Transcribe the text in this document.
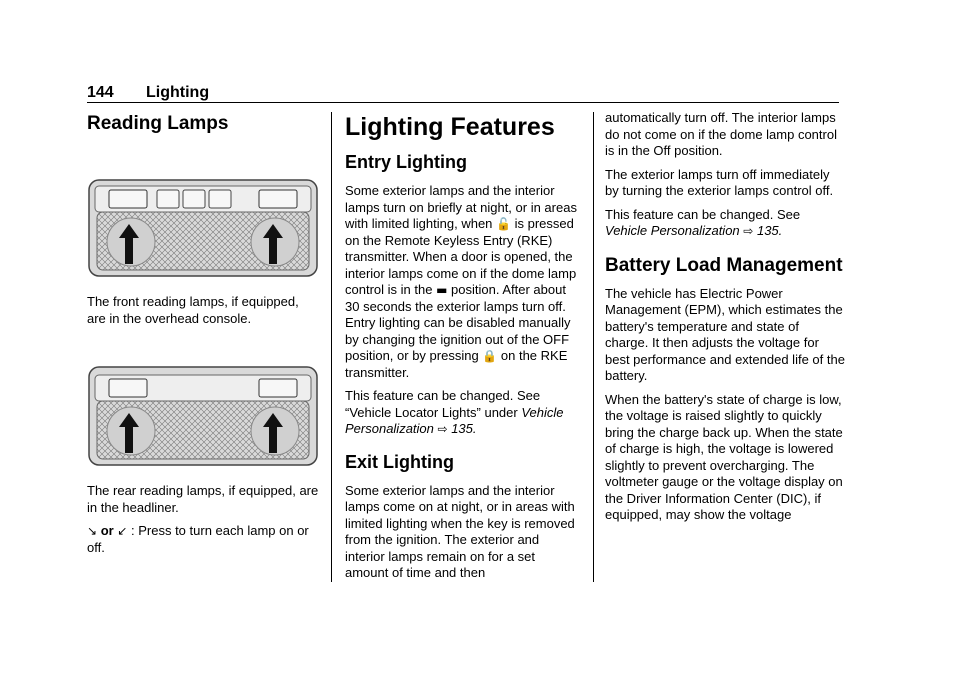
144 Lighting
Reading Lamps

The front reading lamps, if equipped, are in the overhead console.

The rear reading lamps, if equipped, are in the headliner.

↘ or ↙ : Press to turn each lamp on or off.

Lighting Features
Entry Lighting

Some exterior lamps and the interior lamps turn on briefly at night, or in areas with limited lighting, when 🔓 is pressed on the Remote Keyless Entry (RKE) transmitter. When a door is opened, the interior lamps come on if the dome lamp control is in the ▬ position. After about 30 seconds the exterior lamps turn off. Entry lighting can be disabled manually by changing the ignition out of the OFF position, or by pressing 🔒 on the RKE transmitter.

This feature can be changed. See “Vehicle Locator Lights” under Vehicle Personalization ⇨ 135.

Exit Lighting

Some exterior lamps and the interior lamps come on at night, or in areas with limited lighting when the key is removed from the ignition. The exterior and interior lamps remain on for a set amount of time and then

automatically turn off. The interior lamps do not come on if the dome lamp control is in the Off position.

The exterior lamps turn off immediately by turning the exterior lamps control off.

This feature can be changed. See Vehicle Personalization ⇨ 135.

Battery Load Management

The vehicle has Electric Power Management (EPM), which estimates the battery's temperature and state of charge. It then adjusts the voltage for best performance and extended life of the battery.

When the battery's state of charge is low, the voltage is raised slightly to quickly bring the charge back up. When the state of charge is high, the voltage is lowered slightly to prevent overcharging. The voltmeter gauge or the voltage display on the Driver Information Center (DIC), if equipped, may show the voltage
